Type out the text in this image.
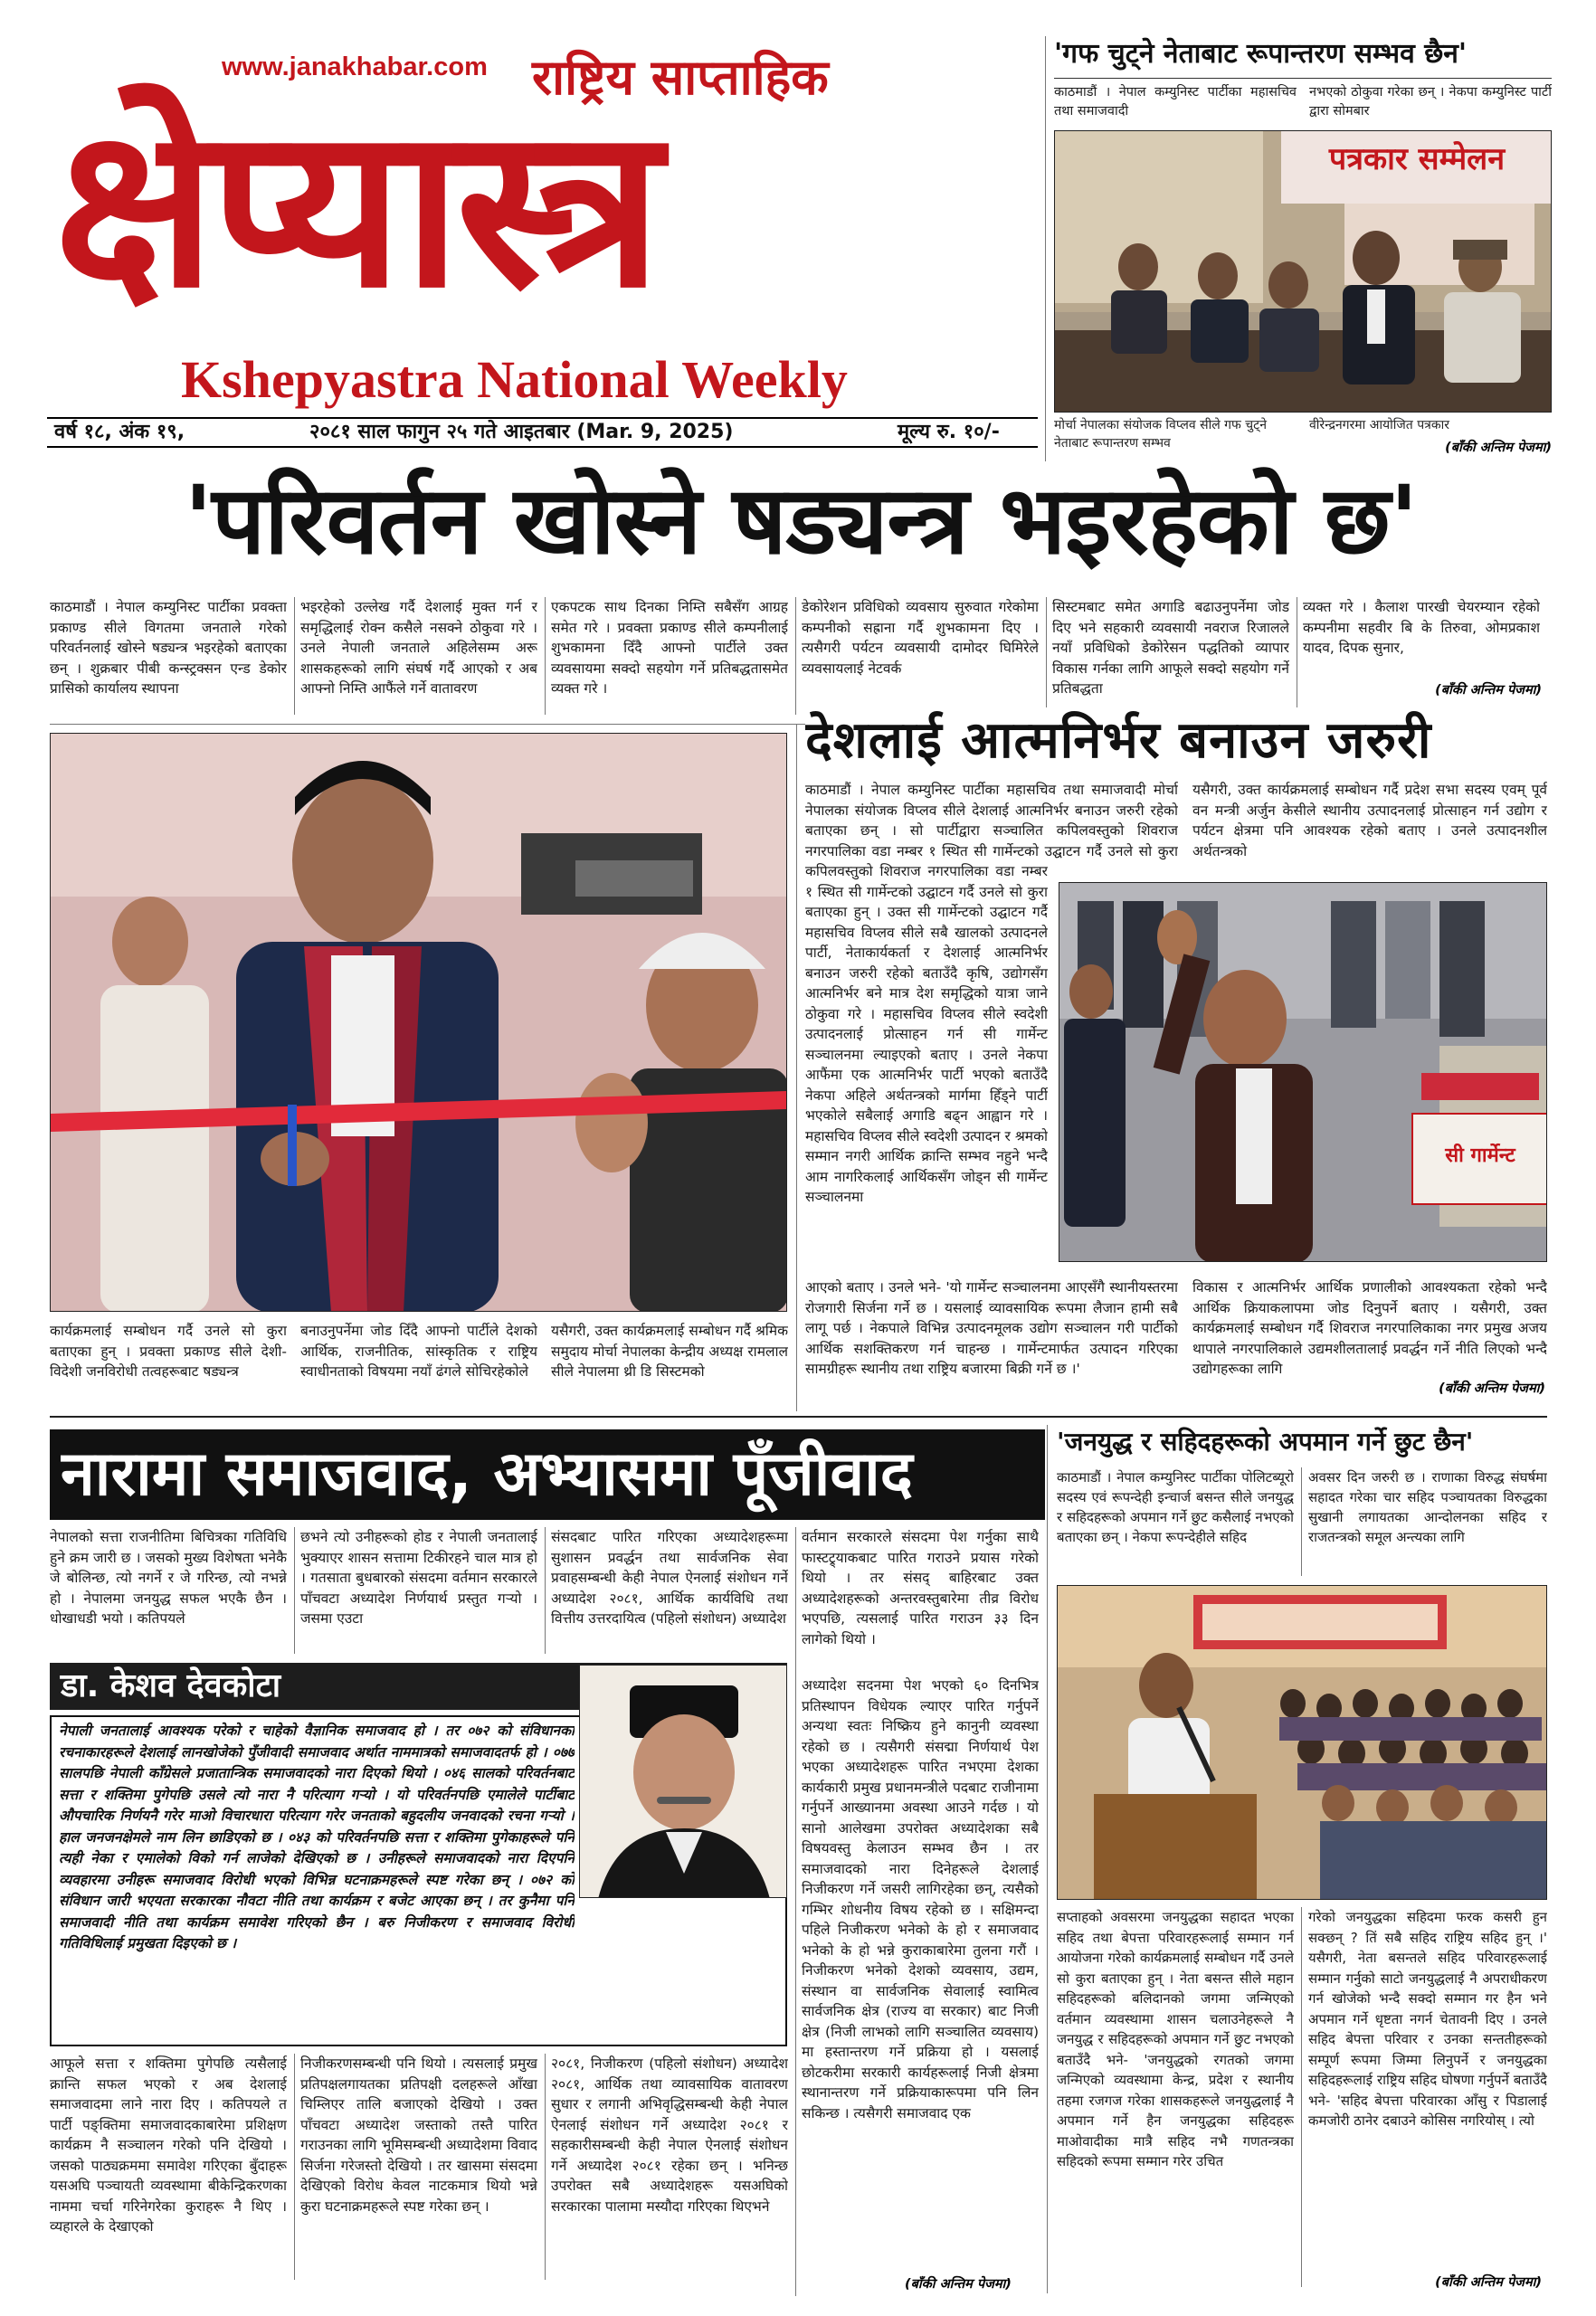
www.janakhabar.com राष्ट्रिय साप्ताहिक
क्षेप्यास्त्र
Kshepyastra National Weekly
वर्ष १८, अंक १९,	२०८१ साल फागुन २५ गते आइतबार (Mar. 9, 2025)	मूल्य रु. १०/-
'गफ चुट्ने नेताबाट रूपान्तरण सम्भव छैन'
काठमाडौं । नेपाल कम्युनिस्ट पार्टीका महासचिव तथा समाजवादी
नभएको ठोकुवा गरेका छन् । नेकपा कम्युनिस्ट पार्टी द्वारा सोमबार
पत्रकार सम्मेलन
मोर्चा नेपालका संयोजक विप्लव सीले गफ चुट्ने नेताबाट रूपान्तरण सम्भव
वीरेन्द्रनगरमा आयोजित पत्रकार
(बाँकी अन्तिम पेजमा)
'परिवर्तन खोस्ने षड्यन्त्र भइरहेको छ'
काठमाडौं । नेपाल कम्युनिस्ट पार्टीका प्रवक्ता प्रकाण्ड सीले विगतमा जनताले गरेको परिवर्तनलाई खोस्ने षड्यन्त्र भइरहेको बताएका छन् । शुक्रबार पीबी कन्स्ट्रक्सन एन्ड डेकोर प्रासिको कार्यालय स्थापना
भइरहेको उल्लेख गर्दै देशलाई मुक्त गर्न र समृद्धिलाई रोक्न कसैले नसक्ने ठोकुवा गरे । उनले नेपाली जनताले अहिलेसम्म अरू शासकहरूको लागि संघर्ष गर्दै आएको र अब आफ्नो निम्ति आफैंले गर्ने वातावरण
एकपटक साथ दिनका निम्ति सबैसँग आग्रह समेत गरे । प्रवक्ता प्रकाण्ड सीले कम्पनीलाई शुभकामना दिँदै आफ्नो पार्टीले उक्त व्यवसायमा सक्दो सहयोग गर्ने प्रतिबद्धतासमेत व्यक्त गरे ।
डेकोरेशन प्रविधिको व्यवसाय सुरुवात गरेकोमा कम्पनीको सह्राना गर्दै शुभकामना दिए । त्यसैगरी पर्यटन व्यवसायी दामोदर घिमिरेले व्यवसायलाई नेटवर्क
सिस्टमबाट समेत अगाडि बढाउनुपर्नेमा जोड दिए भने सहकारी व्यवसायी नवराज रिजालले नयाँ प्रविधिको डेकोरेसन पद्धतिको व्यापार विकास गर्नका लागि आफूले सक्दो सहयोग गर्ने प्रतिबद्धता
व्यक्त गरे । कैलाश पारखी चेयरम्यान रहेको कम्पनीमा सहवीर बि के तिरुवा, ओमप्रकाश यादव, दिपक सुनार,
(बाँकी अन्तिम पेजमा)
कार्यक्रमलाई सम्बोधन गर्दै उनले सो कुरा बताएका हुन् । प्रवक्ता प्रकाण्ड सीले देशी-विदेशी जनविरोधी तत्वहरूबाट षड्यन्त्र
बनाउनुपर्नेमा जोड दिँदै आफ्नो पार्टीले देशको आर्थिक, राजनीतिक, सांस्कृतिक र राष्ट्रिय स्वाधीनताको विषयमा नयाँ ढंगले सोचिरहेकोले
यसैगरी, उक्त कार्यक्रमलाई सम्बोधन गर्दै श्रमिक समुदाय मोर्चा नेपालका केन्द्रीय अध्यक्ष रामलाल सीले नेपालमा थ्री डि सिस्टमको
देशलाई आत्मनिर्भर बनाउन जरुरी
काठमाडौं । नेपाल कम्युनिस्ट पार्टीका महासचिव तथा समाजवादी मोर्चा नेपालका संयोजक विप्लव सीले देशलाई आत्मनिर्भर बनाउन जरुरी रहेको बताएका छन् । सो पार्टीद्वारा सञ्चालित कपिलवस्तुको शिवराज नगरपालिका वडा नम्बर १ स्थित सी गार्मेन्टको उद्घाटन गर्दै उनले सो कुरा
यसैगरी, उक्त कार्यक्रमलाई सम्बोधन गर्दै प्रदेश सभा सदस्य एवम् पूर्व वन मन्त्री अर्जुन केसीले स्थानीय उत्पादनलाई प्रोत्साहन गर्न उद्योग र पर्यटन क्षेत्रमा पनि आवश्यक रहेको बताए । उनले उत्पादनशील अर्थतन्त्रको
कपिलवस्तुको शिवराज नगरपालिका वडा नम्बर १ स्थित सी गार्मेन्टको उद्घाटन गर्दै उनले सो कुरा बताएका हुन् । उक्त सी गार्मेन्टको उद्घाटन गर्दै महासचिव विप्लव सीले सबै खालको उत्पादनले पार्टी, नेताकार्यकर्ता र देशलाई आत्मनिर्भर बनाउन जरुरी रहेको बताउँदै कृषि, उद्योगसँग आत्मनिर्भर बने मात्र देश समृद्धिको यात्रा जाने ठोकुवा गरे । महासचिव विप्लव सीले स्वदेशी उत्पादनलाई प्रोत्साहन गर्न सी गार्मेन्ट सञ्चालनमा ल्याइएको बताए । उनले नेकपा आफैंमा एक आत्मनिर्भर पार्टी भएको बताउँदै नेकपा अहिले अर्थतन्त्रको मार्गमा हिँड्ने पार्टी भएकोले सबैलाई अगाडि बढ्न आह्वान गरे । महासचिव विप्लव सीले स्वदेशी उत्पादन र श्रमको सम्मान नगरी आर्थिक क्रान्ति सम्भव नहुने भन्दै आम नागरिकलाई आर्थिकसँग जोड्न सी गार्मेन्ट सञ्चालनमा
सी गार्मेन्ट
आएको बताए । उनले भने- 'यो गार्मेन्ट सञ्चालनमा आएसँगै स्थानीयस्तरमा रोजगारी सिर्जना गर्ने छ । यसलाई व्यावसायिक रूपमा लैजान हामी सबै लागू पर्छ । नेकपाले विभिन्न उत्पादनमूलक उद्योग सञ्चालन गरी पार्टीको आर्थिक सशक्तिकरण गर्न चाहन्छ । गार्मेन्टमार्फत उत्पादन गरिएका सामग्रीहरू स्थानीय तथा राष्ट्रिय बजारमा बिक्री गर्ने छ ।'
विकास र आत्मनिर्भर आर्थिक प्रणालीको आवश्यकता रहेको भन्दै आर्थिक क्रियाकलापमा जोड दिनुपर्ने बताए । यसैगरी, उक्त कार्यक्रमलाई सम्बोधन गर्दै शिवराज नगरपालिकाका नगर प्रमुख अजय थापाले नगरपालिकाले उद्यमशीलतालाई प्रवर्द्धन गर्ने नीति लिएको भन्दै उद्योगहरूका लागि
(बाँकी अन्तिम पेजमा)
नारामा समाजवाद, अभ्यासमा पूँजीवाद
नेपालको सत्ता राजनीतिमा बिचित्रका गतिविधि हुने क्रम जारी छ । जसको मुख्य विशेषता भनेकै जे बोलिन्छ, त्यो नगर्ने र जे गरिन्छ, त्यो नभन्ने हो । नेपालमा जनयुद्ध सफल भएकै छैन । धोखाधडी भयो । कतिपयले
छभने त्यो उनीहरूको होड र नेपाली जनतालाई भुक्याएर शासन सत्तामा टिकीरहने चाल मात्र हो । गतसाता बुधबारको संसदमा वर्तमान सरकारले पाँचवटा अध्यादेश निर्णयार्थ प्रस्तुत गर्‍यो । जसमा एउटा
संसदबाट पारित गरिएका अध्यादेशहरूमा सुशासन प्रवर्द्धन तथा सार्वजनिक सेवा प्रवाहसम्बन्धी केही नेपाल ऐनलाई संशोधन गर्ने अध्यादेश २०८१, आर्थिक कार्यविधि तथा वित्तीय उत्तरदायित्व (पहिलो संशोधन) अध्यादेश
वर्तमान सरकारले संसदमा पेश गर्नुका साथै फास्टट्र्याकबाट पारित गराउने प्रयास गरेको थियो । तर संसद् बाहिरबाट उक्त अध्यादेशहरूको अन्तरवस्तुबारेमा तीव्र विरोध भएपछि, त्यसलाई पारित गराउन ३३ दिन लागेको थियो ।
डा. केशव देवकोटा
नेपाली जनतालाई आवश्यक परेको र चाहेको वैज्ञानिक समाजवाद हो । तर ०७२ को संविधानका रचनाकारहरूले देशलाई लानखोजेको पुँजीवादी समाजवाद अर्थात नाममात्रको समाजवादतर्फ हो । ०७७ सालपछि नेपाली काँग्रेसले प्रजातान्त्रिक समाजवादको नारा दिएको थियो । ०४६ सालको परिवर्तनबाट सत्ता र शक्तिमा पुगेपछि उसले त्यो नारा नै परित्याग गर्‍यो । यो परिवर्तनपछि एमालेले पार्टीबाट औपचारिक निर्णयनै गरेर माओ विचारधारा परित्याग गरेर जनताको बहुदलीय जनवादको रचना गर्‍यो । हाल जनजनक्षेमले नाम लिन छाडिएको छ । ०४३ को परिवर्तनपछि सत्ता र शक्तिमा पुगेकाहरूले पनि त्यही नेका र एमालेको विको गर्न लाजेको देखिएको छ । उनीहरूले समाजवादको नारा दिएपनि व्यवहारमा उनीहरू समाजवाद विरोधी भएको विभिन्न घटनाक्रमहरूले स्पष्ट गरेका छन् । ०७२ को संविधान जारी भएयता सरकारका नौवटा नीति तथा कार्यक्रम र बजेट आएका छन् । तर कुनैमा पनि समाजवादी नीति तथा कार्यक्रम समावेश गरिएको छैन । बरु निजीकरण र समाजवाद विरोधी गतिविधिलाई प्रमुखता दिइएको छ ।
आफूले सत्ता र शक्तिमा पुगेपछि त्यसैलाई क्रान्ति सफल भएको र अब देशलाई समाजवादमा लाने नारा दिए । कतिपयले त पार्टी पङ्क्तिमा समाजवादकाबारेमा प्रशिक्षण कार्यक्रम नै सञ्चालन गरेको पनि देखियो । जसको पाठ्यक्रममा समावेश गरिएका बुँदाहरू यसअघि पञ्चायती व्यवस्थामा बीकेन्द्रिकरणका नाममा चर्चा गरिनेगरेका कुराहरू नै थिए । व्यहारले के देखाएको
निजीकरणसम्बन्धी पनि थियो । त्यसलाई प्रमुख प्रतिपक्षलगायतका प्रतिपक्षी दलहरूले आँखा चिम्लिएर तालि बजाएको देखियो । उक्त पाँचवटा अध्यादेश जस्ताको तस्तै पारित गराउनका लागि भूमिसम्बन्धी अध्यादेशमा विवाद सिर्जना गरेजस्तो देखियो । तर खासमा संसदमा देखिएको विरोध केवल नाटकमात्र थियो भन्ने कुरा घटनाक्रमहरूले स्पष्ट गरेका छन् ।
२०८१, निजीकरण (पहिलो संशोधन) अध्यादेश २०८१, आर्थिक तथा व्यावसायिक वातावरण सुधार र लगानी अभिवृद्धिसम्बन्धी केही नेपाल ऐनलाई संशोधन गर्ने अध्यादेश २०८१ र सहकारीसम्बन्धी केही नेपाल ऐनलाई संशोधन गर्ने अध्यादेश २०८१ रहेका छन् । भनिन्छ उपरोक्त सबै अध्यादेशहरू यसअघिको सरकारका पालामा मस्यौदा गरिएका थिएभने
अध्यादेश सदनमा पेश भएको ६० दिनभित्र प्रतिस्थापन विधेयक ल्याएर पारित गर्नुपर्ने अन्यथा स्वतः निष्क्रिय हुने कानुनी व्यवस्था रहेको छ । त्यसैगरी संसद्मा निर्णयार्थ पेश भएका अध्यादेशहरू पारित नभएमा देशका कार्यकारी प्रमुख प्रधानमन्त्रीले पदबाट राजीनामा गर्नुपर्ने आख्यानमा अवस्था आउने गर्दछ । यो सानो आलेखमा उपरोक्त अध्यादेशका सबै विषयवस्तु केलाउन सम्भव छैन । तर समाजवादको नारा दिनेहरूले देशलाई निजीकरण गर्ने जसरी लागिरहेका छन्, त्यसैको गम्भिर शोधनीय विषय रहेको छ । सक्षिमन्दा पहिले निजीकरण भनेको के हो र समाजवाद भनेको के हो भन्ने कुराकाबारेमा तुलना गरौं । निजीकरण भनेको देशको व्यवसाय, उद्यम, संस्थान वा सार्वजनिक सेवालाई स्वामित्व सार्वजनिक क्षेत्र (राज्य वा सरकार) बाट निजी क्षेत्र (निजी लाभको लागि सञ्चालित व्यवसाय) मा हस्तान्तरण गर्ने प्रक्रिया हो । यसलाई छोटकरीमा सरकारी कार्यहरूलाई निजी क्षेत्रमा स्थानान्तरण गर्ने प्रक्रियाकारूपमा पनि लिन सकिन्छ । त्यसैगरी समाजवाद एक
(बाँकी अन्तिम पेजमा)
'जनयुद्ध र सहिदहरूको अपमान गर्ने छुट छैन'
काठमाडौं । नेपाल कम्युनिस्ट पार्टीका पोलिटब्यूरो सदस्य एवं रूपन्देही इन्चार्ज बसन्त सीले जनयुद्ध र सहिदहरूको अपमान गर्ने छुट कसैलाई नभएको बताएका छन् । नेकपा रूपन्देहीले सहिद
अवसर दिन जरुरी छ । राणाका विरुद्ध संघर्षमा सहादत गरेका चार सहिद पञ्चायतका विरुद्धका सुखानी लगायतका आन्दोलनका सहिद र राजतन्त्रको समूल अन्त्यका लागि
सप्ताहको अवसरमा जनयुद्धका सहादत भएका सहिद तथा बेपत्ता परिवारहरूलाई सम्मान गर्न आयोजना गरेको कार्यक्रमलाई सम्बोधन गर्दै उनले सो कुरा बताएका हुन् । नेता बसन्त सीले महान सहिदहरूको बलिदानको जगमा जन्मिएको वर्तमान व्यवस्थामा शासन चलाउनेहरूले नै जनयुद्ध र सहिदहरूको अपमान गर्ने छुट नभएको बताउँदै भने- 'जनयुद्धको रगतको जगमा जन्मिएको व्यवस्थामा केन्द्र, प्रदेश र स्थानीय तहमा रजगज गरेका शासकहरूले जनयुद्धलाई नै अपमान गर्ने हैन जनयुद्धका सहिदहरू माओवादीका मात्रै सहिद नभै गणतन्त्रका सहिदको रूपमा सम्मान गरेर उचित
गरेको जनयुद्धका सहिदमा फरक कसरी हुन सक्छन् ? तिं सबै सहिद राष्ट्रिय सहिद हुन् ।' यसैगरी, नेता बसन्तले सहिद परिवारहरूलाई सम्मान गर्नुको साटो जनयुद्धलाई नै अपराधीकरण गर्न खोजेको भन्दै सक्दो सम्मान गर हैन भने अपमान गर्ने धृष्टता नगर्न चेतावनी दिए । उनले सहिद बेपत्ता परिवार र उनका सन्ततीहरूको सम्पूर्ण रूपमा जिम्मा लिनुपर्ने र जनयुद्धका सहिदहरूलाई राष्ट्रिय सहिद घोषणा गर्नुपर्ने बताउँदै भने- 'सहिद बेपत्ता परिवारका आँसु र पिडालाई कमजोरी ठानेर दबाउने कोसिस नगरियोस् । त्यो
(बाँकी अन्तिम पेजमा)
